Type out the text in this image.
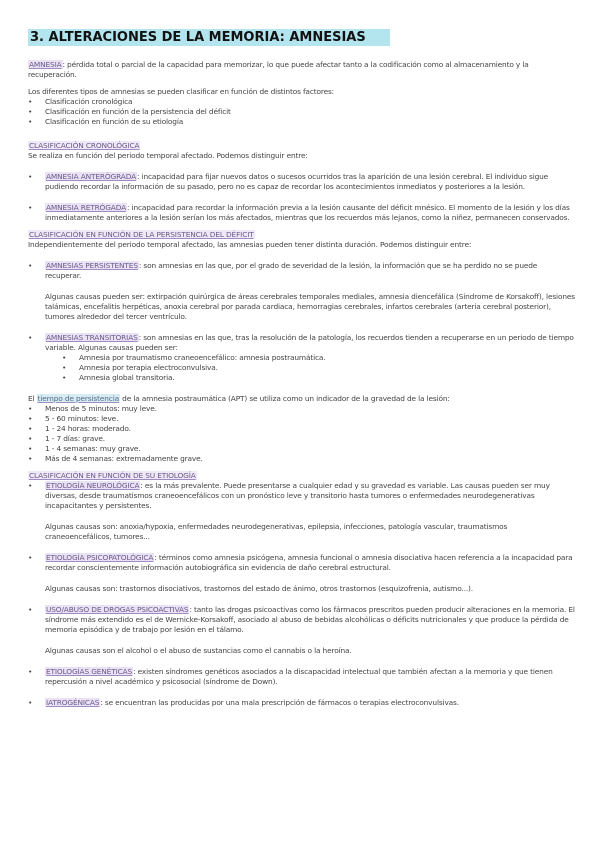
3. ALTERACIONES DE LA MEMORIA: AMNESIAS

AMNESIA: pérdida total o parcial de la capacidad para memorizar, lo que puede afectar tanto a la codificación como al almacenamiento y la recuperación.

Los diferentes tipos de amnesias se pueden clasificar en función de distintos factores:

• Clasificación cronológica
• Clasificación en función de la persistencia del déficit
• Clasificación en función de su etiología

CLASIFICACIÓN CRONOLÓGICA

Se realiza en función del periodo temporal afectado. Podemos distinguir entre:

• AMNESIA ANTERÓGRADA: incapacidad para fijar nuevos datos o sucesos ocurridos tras la aparición de una lesión cerebral. El individuo sigue pudiendo recordar la información de su pasado, pero no es capaz de recordar los acontecimientos inmediatos y posteriores a la lesión.
• AMNESIA RETRÓGADA: incapacidad para recordar la información previa a la lesión causante del déficit mnésico. El momento de la lesión y los días inmediatamente anteriores a la lesión serían los más afectados, mientras que los recuerdos más lejanos, como la niñez, permanecen conservados.

CLASIFICACIÓN EN FUNCIÓN DE LA PERSISTENCIA DEL DÉFICIT

Independientemente del periodo temporal afectado, las amnesias pueden tener distinta duración. Podemos distinguir entre:

• AMNESIAS PERSISTENTES: son amnesias en las que, por el grado de severidad de la lesión, la información que se ha perdido no se puede recuperar.

Algunas causas pueden ser: extirpación quirúrgica de áreas cerebrales temporales mediales, amnesia diencefálica (Síndrome de Korsakoff), lesiones talámicas, encefalitis herpéticas, anoxia cerebral por parada cardiaca, hemorragias cerebrales, infartos cerebrales (arteria cerebral posterior), tumores alrededor del tercer ventrículo.

• AMNESIAS TRANSITORIAS: son amnesias en las que, tras la resolución de la patología, los recuerdos tienden a recuperarse en un periodo de tiempo variable. Algunas causas pueden ser:
• Amnesia por traumatismo craneoencefálico: amnesia postraumática.
• Amnesia por terapia electroconvulsiva.
• Amnesia global transitoria.

El tiempo de persistencia de la amnesia postraumática (APT) se utiliza como un indicador de la gravedad de la lesión:

• Menos de 5 minutos: muy leve.
• 5 - 60 minutos: leve.
• 1 - 24 horas: moderado.
• 1 - 7 días: grave.
• 1 - 4 semanas: muy grave.
• Más de 4 semanas: extremadamente grave.

CLASIFICACIÓN EN FUNCIÓN DE SU ETIOLOGÍA

• ETIOLOGÍA NEUROLÓGICA: es la más prevalente. Puede presentarse a cualquier edad y su gravedad es variable. Las causas pueden ser muy diversas, desde traumatismos craneoencefálicos con un pronóstico leve y transitorio hasta tumores o enfermedades neurodegenerativas incapacitantes y persistentes.

Algunas causas son: anoxia/hypoxia, enfermedades neurodegenerativas, epilepsia, infecciones, patología vascular, traumatismos craneoencefálicos, tumores...

• ETIOLOGÍA PSICOPATOLÓGICA: términos como amnesia psicógena, amnesia funcional o amnesia disociativa hacen referencia a la incapacidad para recordar conscientemente información autobiográfica sin evidencia de daño cerebral estructural.

Algunas causas son: trastornos disociativos, trastornos del estado de ánimo, otros trastornos (esquizofrenia, autismo...).

• USO/ABUSO DE DROGAS PSICOACTIVAS: tanto las drogas psicoactivas como los fármacos prescritos pueden producir alteraciones en la memoria. El síndrome más extendido es el de Wernicke-Korsakoff, asociado al abuso de bebidas alcohólicas o déficits nutricionales y que produce la pérdida de memoria episódica y de trabajo por lesión en el tálamo.

Algunas causas son el alcohol o el abuso de sustancias como el cannabis o la heroína.

• ETIOLOGÍAS GENÉTICAS: existen síndromes genéticos asociados a la discapacidad intelectual que también afectan a la memoria y que tienen repercusión a nivel académico y psicosocial (síndrome de Down).
• IATROGÉNICAS: se encuentran las producidas por una mala prescripción de fármacos o terapias electroconvulsivas.
